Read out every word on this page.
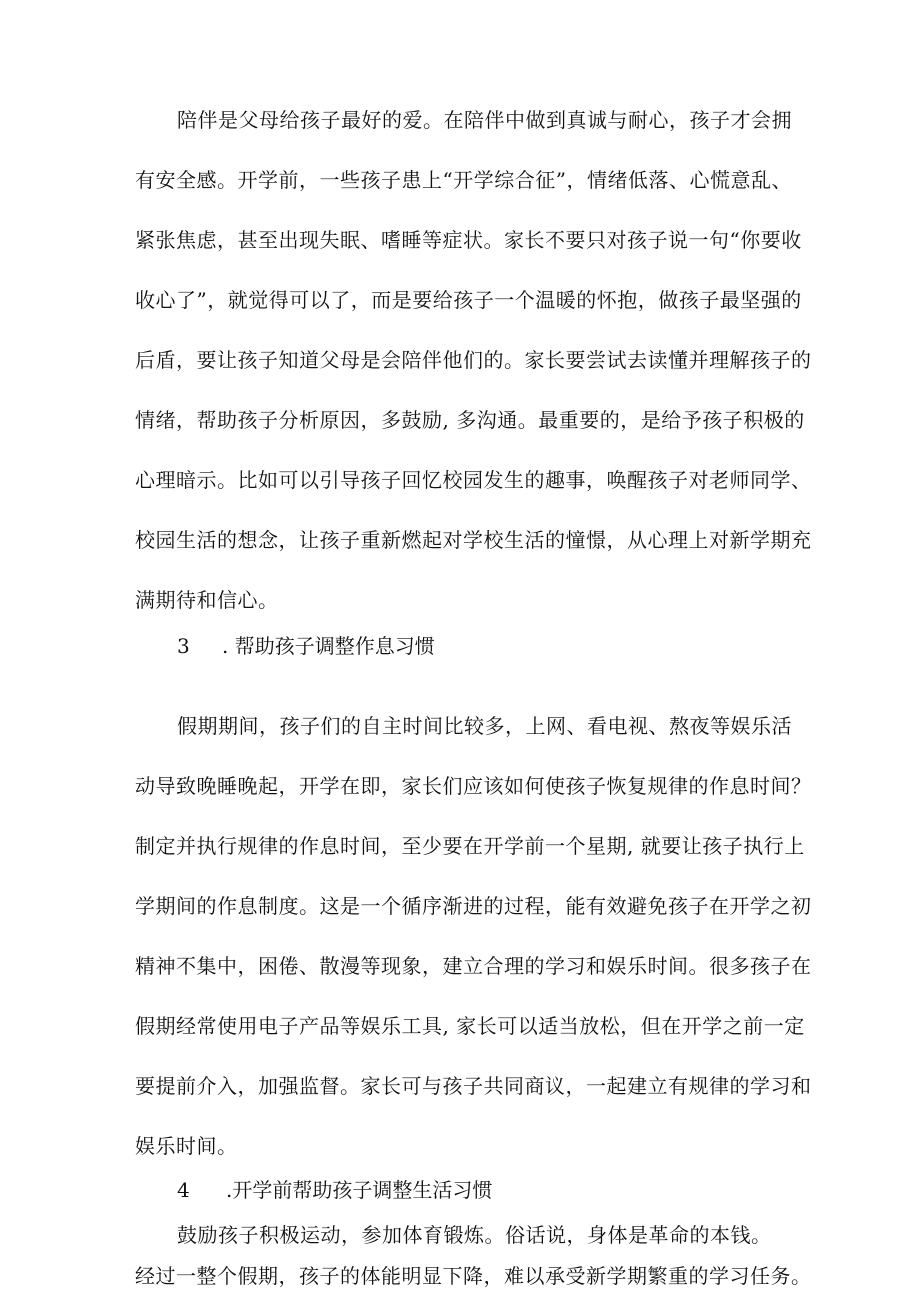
陪伴是父母给孩子最好的爱。在陪伴中做到真诚与耐心，孩子才会拥
有安全感。开学前，一些孩子患上“开学综合征”，情绪低落、心慌意乱、
紧张焦虑，甚至出现失眠、嗜睡等症状。家长不要只对孩子说一句“你要收
收心了”，就觉得可以了，而是要给孩子一个温暖的怀抱，做孩子最坚强的
后盾，要让孩子知道父母是会陪伴他们的。家长要尝试去读懂并理解孩子的
情绪，帮助孩子分析原因，多鼓励, 多沟通。最重要的，是给予孩子积极的
心理暗示。比如可以引导孩子回忆校园发生的趣事，唤醒孩子对老师同学、
校园生活的想念，让孩子重新燃起对学校生活的憧憬，从心理上对新学期充
满期待和信心。
3 . 帮助孩子调整作息习惯
假期期间，孩子们的自主时间比较多，上网、看电视、熬夜等娱乐活
动导致晚睡晚起，开学在即，家长们应该如何使孩子恢复规律的作息时间？
制定并执行规律的作息时间，至少要在开学前一个星期, 就要让孩子执行上
学期间的作息制度。这是一个循序渐进的过程，能有效避免孩子在开学之初
精神不集中，困倦、散漫等现象，建立合理的学习和娱乐时间。很多孩子在
假期经常使用电子产品等娱乐工具, 家长可以适当放松，但在开学之前一定
要提前介入，加强监督。家长可与孩子共同商议，一起建立有规律的学习和
娱乐时间。
4 .开学前帮助孩子调整生活习惯
鼓励孩子积极运动，参加体育锻炼。俗话说，身体是革命的本钱。
经过一整个假期，孩子的体能明显下降，难以承受新学期繁重的学习任务。
